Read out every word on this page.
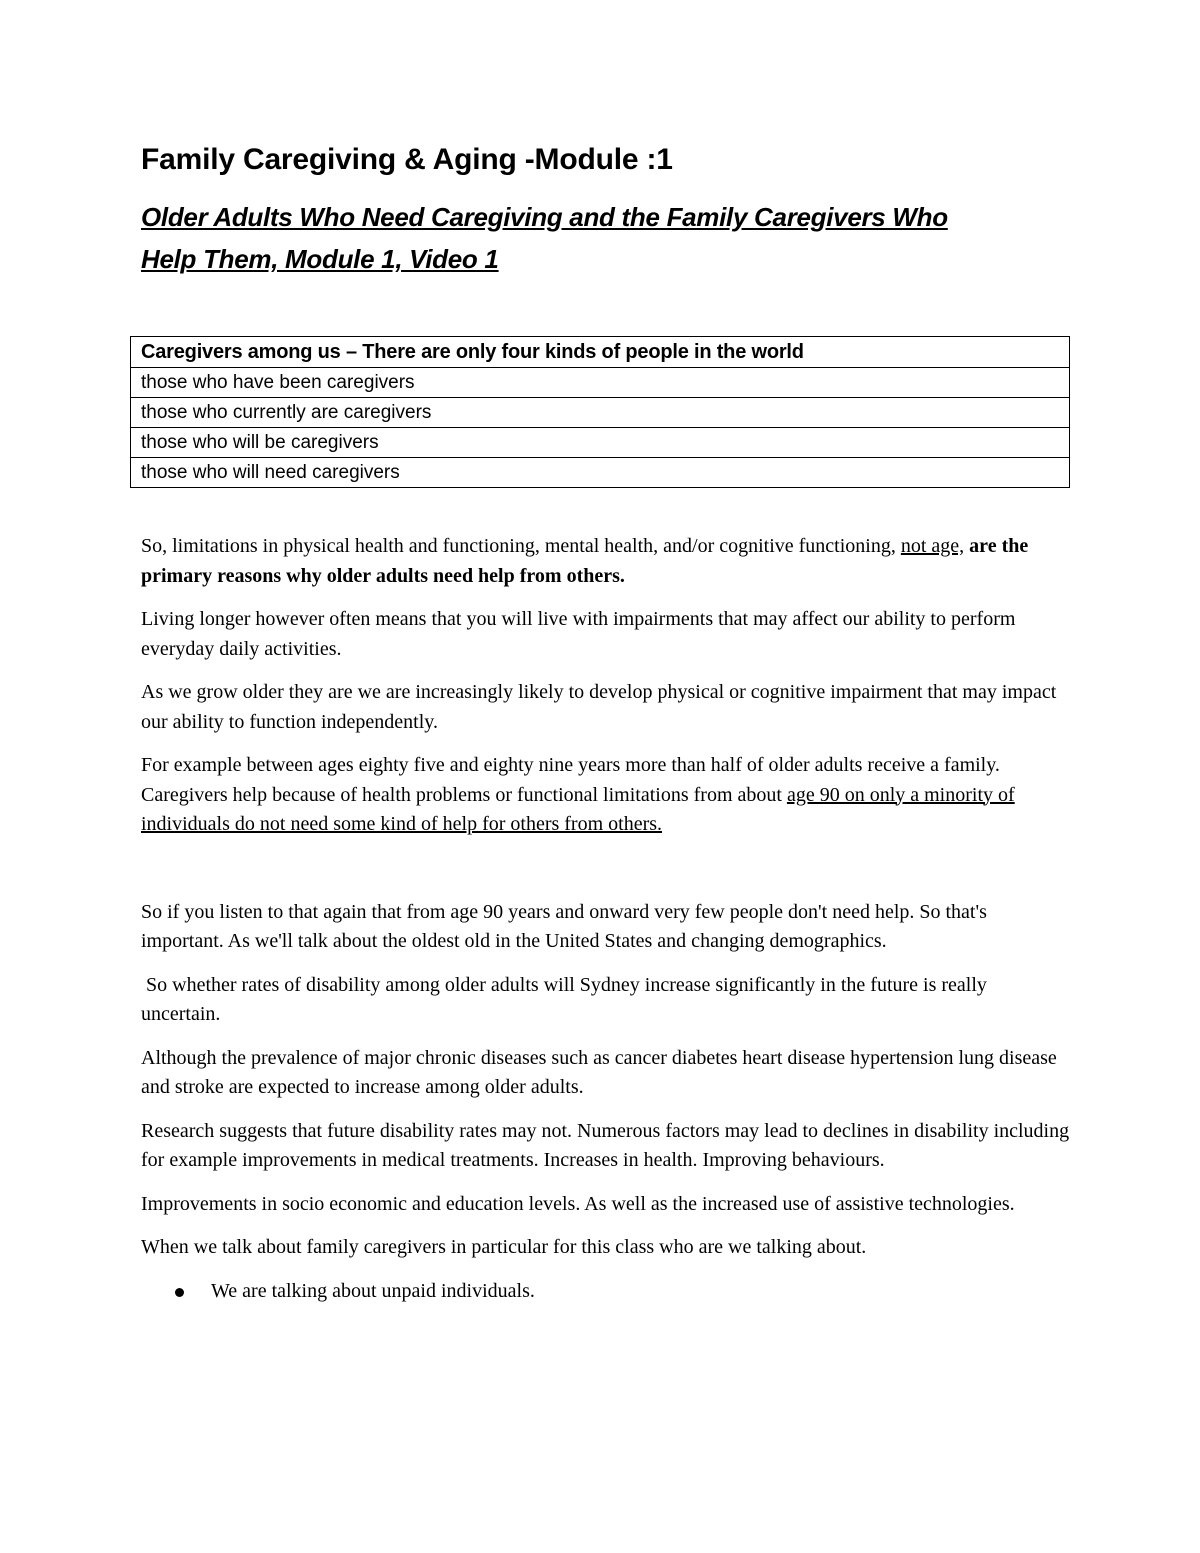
Family Caregiving & Aging -Module :1
Older Adults Who Need Caregiving and the Family Caregivers Who
Help Them, Module 1, Video 1
Caregivers among us – There are only four kinds of people in the world
those who have been caregivers
those who currently are caregivers
those who will be caregivers
those who will need caregivers

So, limitations in physical health and functioning, mental health, and/or cognitive functioning, not age, are the primary reasons why older adults need help from others.

Living longer however often means that you will live with impairments that may affect our ability to perform everyday daily activities.

As we grow older they are we are increasingly likely to develop physical or cognitive impairment that may impact our ability to function independently.

For example between ages eighty five and eighty nine years more than half of older adults receive a family. Caregivers help because of health problems or functional limitations from about age 90 on only a minority of individuals do not need some kind of help for others from others.

So if you listen to that again that from age 90 years and onward very few people don't need help. So that's important. As we'll talk about the oldest old in the United States and changing demographics.

So whether rates of disability among older adults will Sydney increase significantly in the future is really uncertain.

Although the prevalence of major chronic diseases such as cancer diabetes heart disease hypertension lung disease and stroke are expected to increase among older adults.

Research suggests that future disability rates may not. Numerous factors may lead to declines in disability including for example improvements in medical treatments. Increases in health. Improving behaviours.

Improvements in socio economic and education levels. As well as the increased use of assistive technologies.

When we talk about family caregivers in particular for this class who are we talking about.

We are talking about unpaid individuals.
